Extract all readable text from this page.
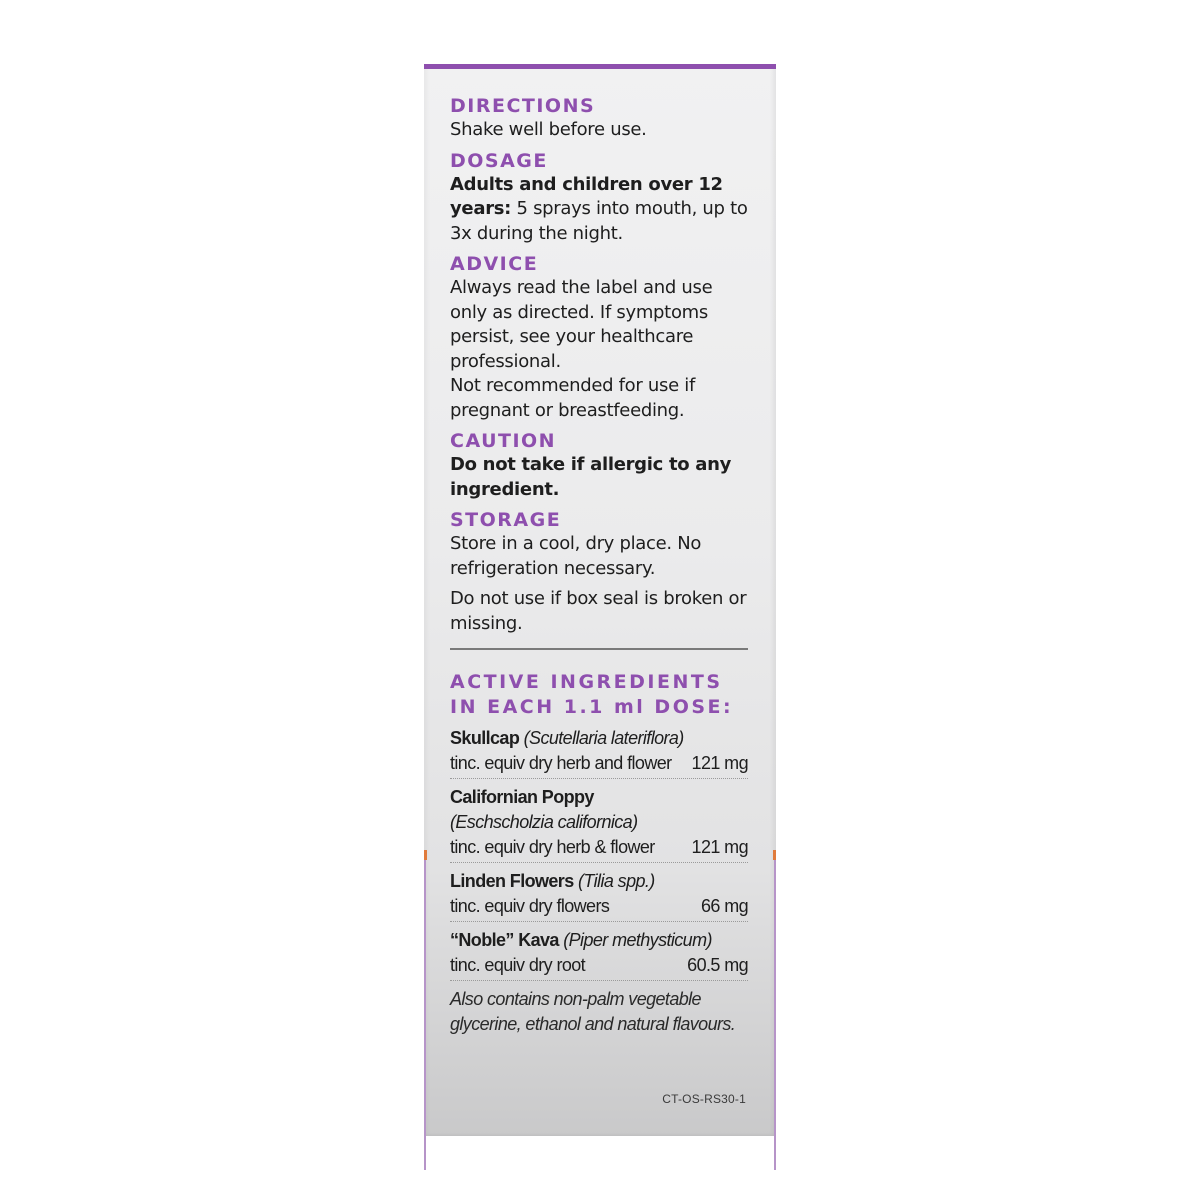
DIRECTIONS

Shake well before use.

DOSAGE

Adults and children over 12 years: 5 sprays into mouth, up to 3x during the night.

ADVICE

Always read the label and use only as directed. If symptoms persist, see your healthcare professional.

Not recommended for use if pregnant or breastfeeding.

CAUTION

Do not take if allergic to any ingredient.

STORAGE

Store in a cool, dry place. No refrigeration necessary.

Do not use if box seal is broken or missing.

ACTIVE INGREDIENTS
IN EACH 1.1 ml DOSE:
Skullcap (Scutellaria lateriflora)
tinc. equiv dry herb and flower 121 mg
Californian Poppy
(Eschscholzia californica)
tinc. equiv dry herb & flower 121 mg
Linden Flowers (Tilia spp.)
tinc. equiv dry flowers	66 mg
“Noble” Kava (Piper methysticum)
tinc. equiv dry root	60.5 mg
Also contains non-palm vegetable glycerine, ethanol and natural flavours.
CT-OS-RS30-1
